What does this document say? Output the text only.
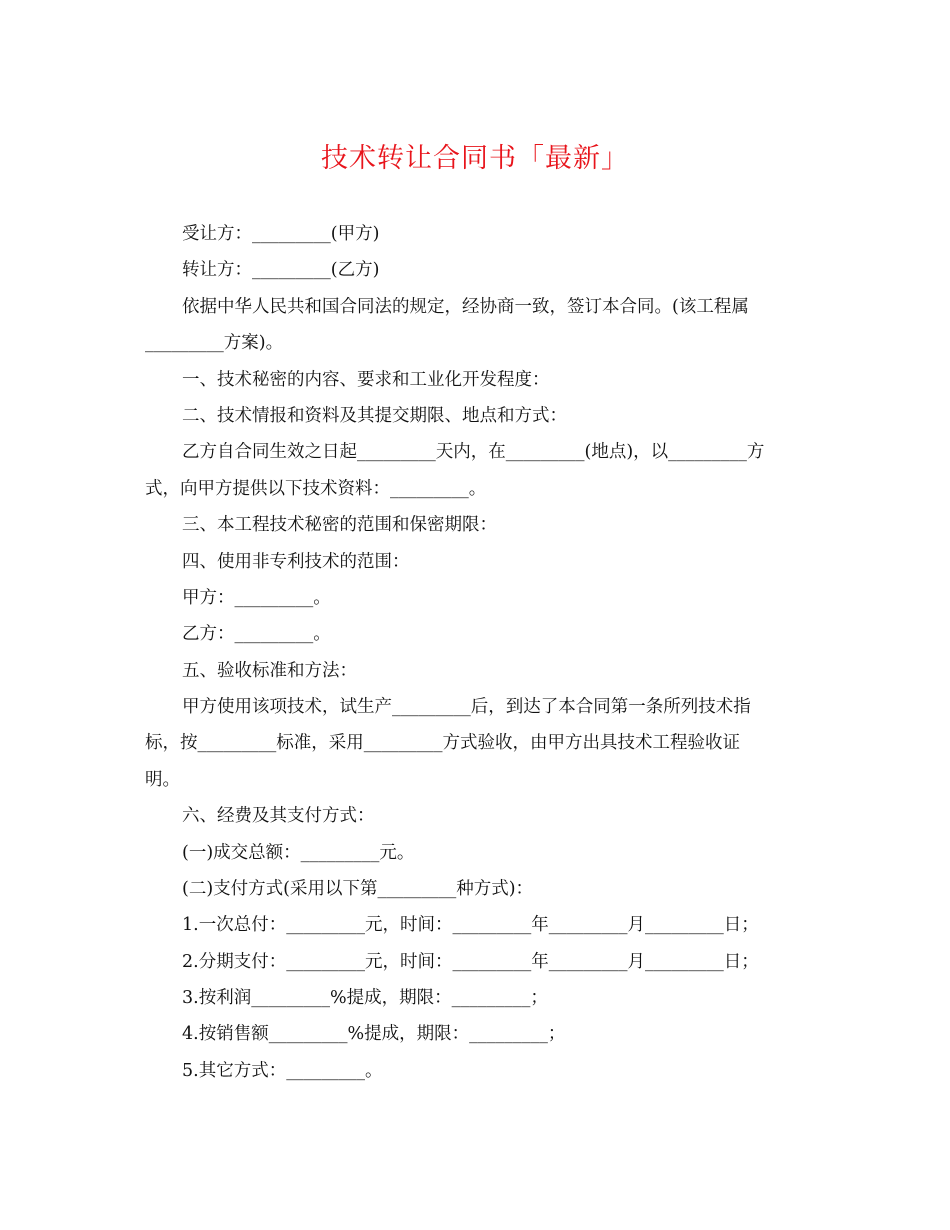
技术转让合同书「最新」
受让方：_________(甲方)
转让方：_________(乙方)
依据中华人民共和国合同法的规定，经协商一致，签订本合同。(该工程属
_________方案)。
一、技术秘密的内容、要求和工业化开发程度：
二、技术情报和资料及其提交期限、地点和方式：
乙方自合同生效之日起_________天内，在_________(地点)，以_________方
式，向甲方提供以下技术资料：_________。
三、本工程技术秘密的范围和保密期限：
四、使用非专利技术的范围：
甲方：_________。
乙方：_________。
五、验收标准和方法：
甲方使用该项技术，试生产_________后，到达了本合同第一条所列技术指
标，按_________标准，采用_________方式验收，由甲方出具技术工程验收证
明。
六、经费及其支付方式：
(一)成交总额：_________元。
(二)支付方式(采用以下第_________种方式)：
1.一次总付：_________元，时间：_________年_________月_________日；
2.分期支付：_________元，时间：_________年_________月_________日；
3.按利润_________%提成，期限：_________；
4.按销售额_________%提成，期限：_________；
5.其它方式：_________。
